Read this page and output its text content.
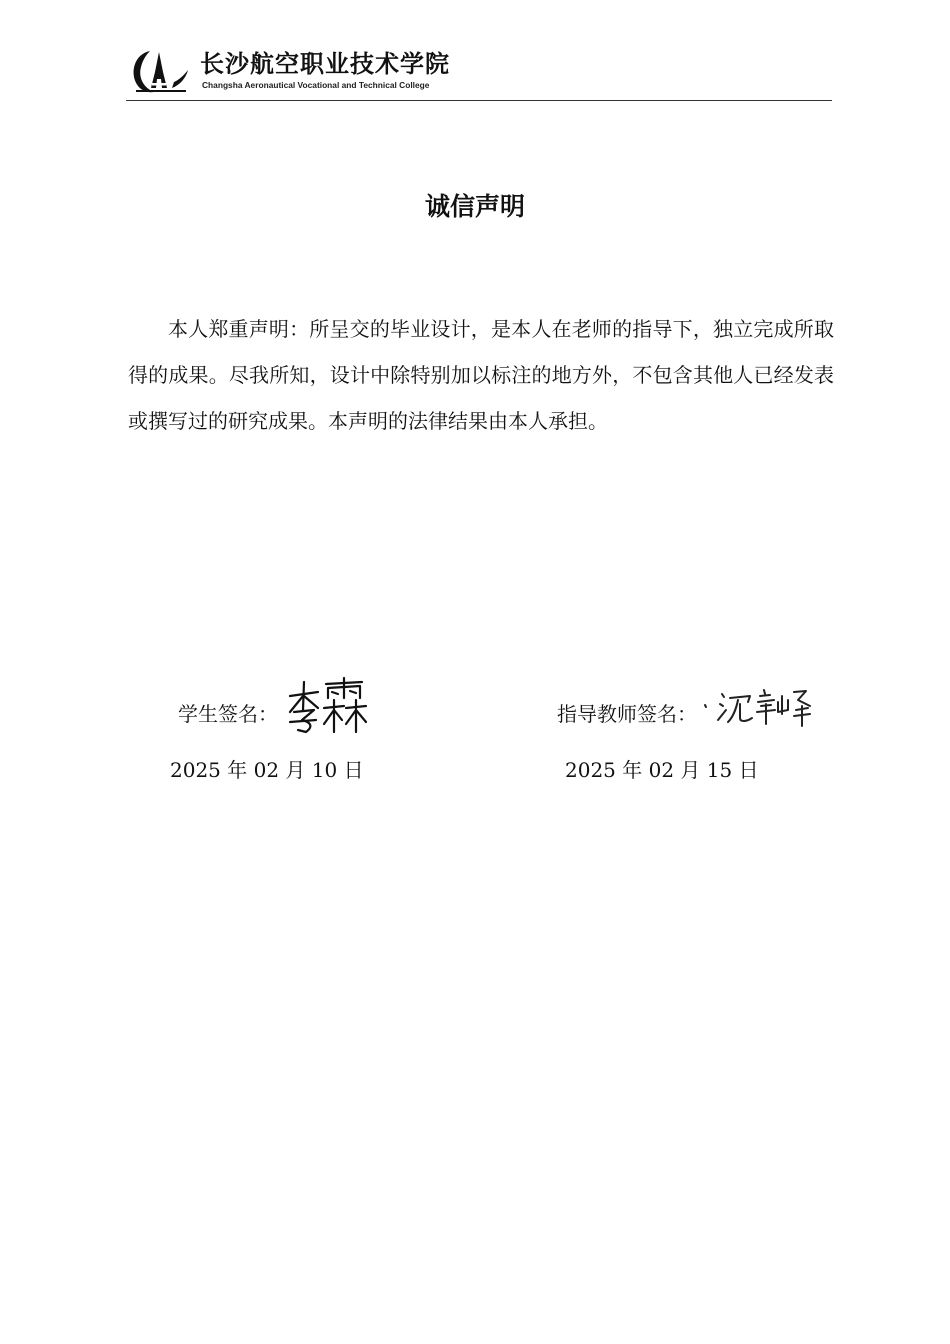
长沙航空职业技术学院
Changsha Aeronautical Vocational and Technical College
诚信声明

本人郑重声明：所呈交的毕业设计，是本人在老师的指导下，独立完成所取得的成果。尽我所知，设计中除特别加以标注的地方外，不包含其他人已经发表或撰写过的研究成果。本声明的法律结果由本人承担。

学生签名：
2025 年 02 月 10 日
指导教师签名：
2025 年 02 月 15 日
